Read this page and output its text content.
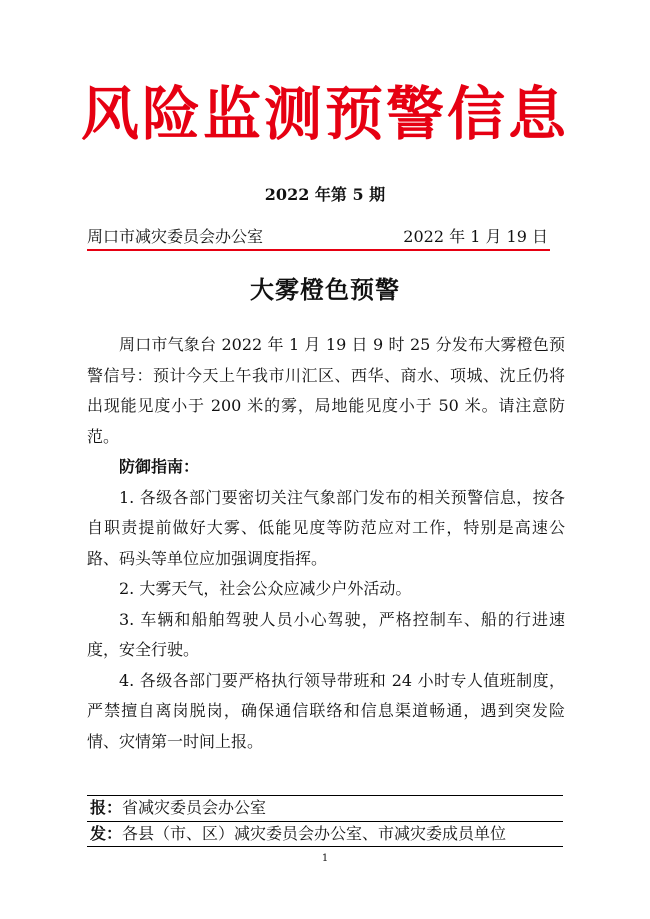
风险监测预警信息
2022 年第 5 期
周口市减灾委员会办公室	2022 年 1 月 19 日
大雾橙色预警

周口市气象台 2022 年 1 月 19 日 9 时 25 分发布大雾橙色预警信号：预计今天上午我市川汇区、西华、商水、项城、沈丘仍将出现能见度小于 200 米的雾，局地能见度小于 50 米。请注意防范。

防御指南：

1. 各级各部门要密切关注气象部门发布的相关预警信息，按各自职责提前做好大雾、低能见度等防范应对工作，特别是高速公路、码头等单位应加强调度指挥。

2. 大雾天气，社会公众应减少户外活动。

3. 车辆和船舶驾驶人员小心驾驶，严格控制车、船的行进速度，安全行驶。

4. 各级各部门要严格执行领导带班和 24 小时专人值班制度，严禁擅自离岗脱岗，确保通信联络和信息渠道畅通，遇到突发险情、灾情第一时间上报。

报：省减灾委员会办公室
发：各县（市、区）减灾委员会办公室、市减灾委成员单位
1
